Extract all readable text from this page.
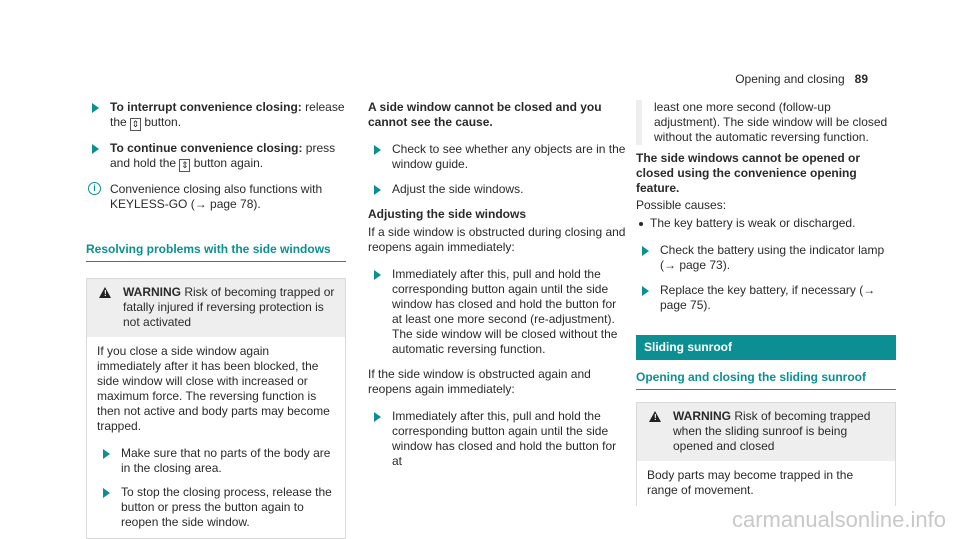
Opening and closing 89
To interrupt convenience closing: release
the ⇕ button.
To continue convenience closing: press
and hold the ⇕ button again.
i	Convenience closing also functions with KEYLESS-GO (→ page 78).
Resolving problems with the side windows
! WARNING Risk of becoming trapped or fatally injured if reversing protection is not activated
If you close a side window again immediately after it has been blocked, the side window will close with increased or maximum force. The reversing function is then not active and body parts may become trapped.
Make sure that no parts of the body are in the closing area.
To stop the closing process, release the button or press the button again to reopen the side window.
A side window cannot be closed and you cannot see the cause.
Check to see whether any objects are in the window guide.
Adjust the side windows.
Adjusting the side windows
If a side window is obstructed during closing and reopens again immediately:
Immediately after this, pull and hold the corresponding button again until the side window has closed and hold the button for at least one more second (re-adjustment). The side window will be closed without the automatic reversing function.
If the side window is obstructed again and reopens again immediately:
Immediately after this, pull and hold the corresponding button again until the side window has closed and hold the button for at
least one more second (follow-up adjustment). The side window will be closed without the automatic reversing function.
The side windows cannot be opened or closed using the convenience opening feature.
Possible causes:
The key battery is weak or discharged.
Check the battery using the indicator lamp (→ page 73).
Replace the key battery, if necessary (→ page 75).
Sliding sunroof
Opening and closing the sliding sunroof
! WARNING Risk of becoming trapped when the sliding sunroof is being opened and closed
Body parts may become trapped in the range of movement.
carmanualsonline.info
